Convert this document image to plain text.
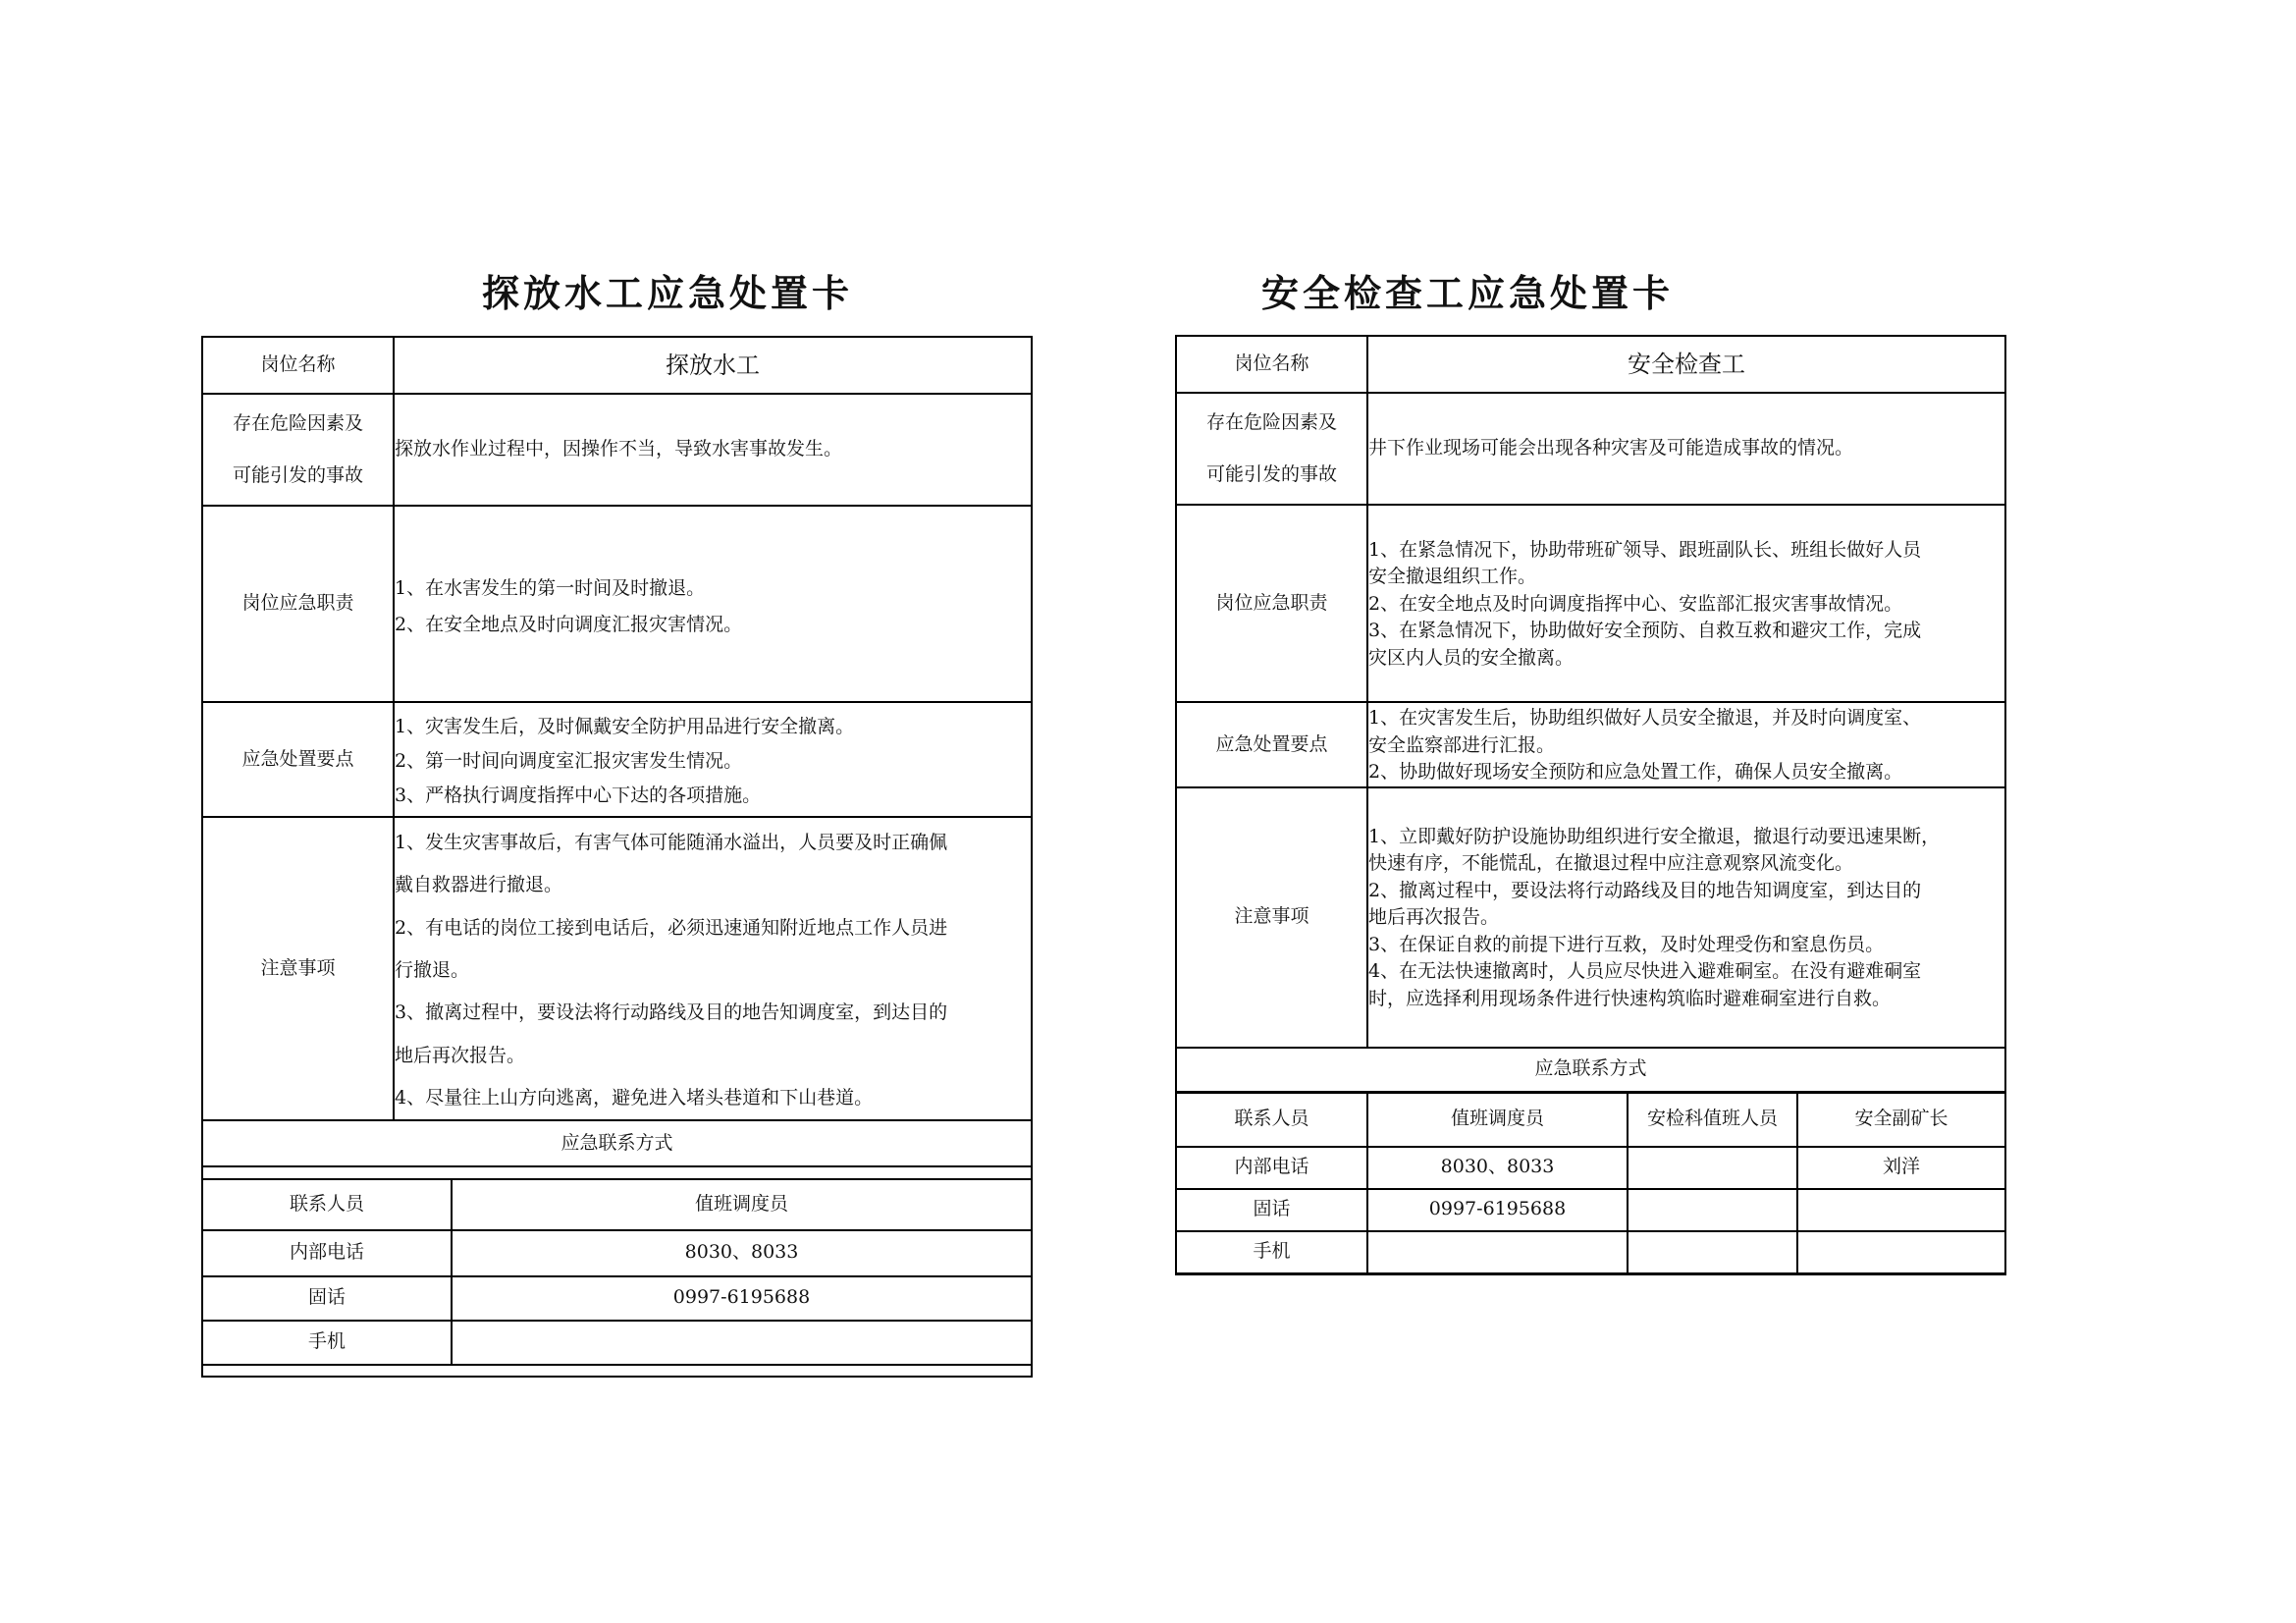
探放水工应急处置卡
岗位名称	探放水工

存在危险因素及
可能引发的事故

探放水作业过程中，因操作不当，导致水害事故发生。

岗位应急职责	
1、在水害发生的第一时间及时撤退。
2、在安全地点及时向调度汇报灾害情况。

应急处置要点	
1、灾害发生后，及时佩戴安全防护用品进行安全撤离。
2、第一时间向调度室汇报灾害发生情况。
3、严格执行调度指挥中心下达的各项措施。

注意事项	
1、发生灾害事故后，有害气体可能随涌水溢出，人员要及时正确佩
戴自救器进行撤退。
2、有电话的岗位工接到电话后，必须迅速通知附近地点工作人员进
行撤退。
3、撤离过程中，要设法将行动路线及目的地告知调度室，到达目的
地后再次报告。
4、尽量往上山方向逃离，避免进入堵头巷道和下山巷道。

应急联系方式

联系人员	值班调度员
内部电话	8030、8033
固话	0997-6195688
手机	
安全检查工应急处置卡
岗位名称	安全检查工

存在危险因素及
可能引发的事故

井下作业现场可能会出现各种灾害及可能造成事故的情况。

岗位应急职责	
1、在紧急情况下，协助带班矿领导、跟班副队长、班组长做好人员
安全撤退组织工作。
2、在安全地点及时向调度指挥中心、安监部汇报灾害事故情况。
3、在紧急情况下，协助做好安全预防、自救互救和避灾工作，完成
灾区内人员的安全撤离。

应急处置要点	
1、在灾害发生后，协助组织做好人员安全撤退，并及时向调度室、
安全监察部进行汇报。
2、协助做好现场安全预防和应急处置工作，确保人员安全撤离。

注意事项	
1、立即戴好防护设施协助组织进行安全撤退，撤退行动要迅速果断，
快速有序，不能慌乱，在撤退过程中应注意观察风流变化。
2、撤离过程中，要设法将行动路线及目的地告知调度室，到达目的
地后再次报告。
3、在保证自救的前提下进行互救，及时处理受伤和窒息伤员。
4、在无法快速撤离时，人员应尽快进入避难硐室。在没有避难硐室
时，应选择利用现场条件进行快速构筑临时避难硐室进行自救。

应急联系方式

联系人员	值班调度员	安检科值班人员	安全副矿长
内部电话	8030、8033		刘洋
固话	0997-6195688		
手机			
